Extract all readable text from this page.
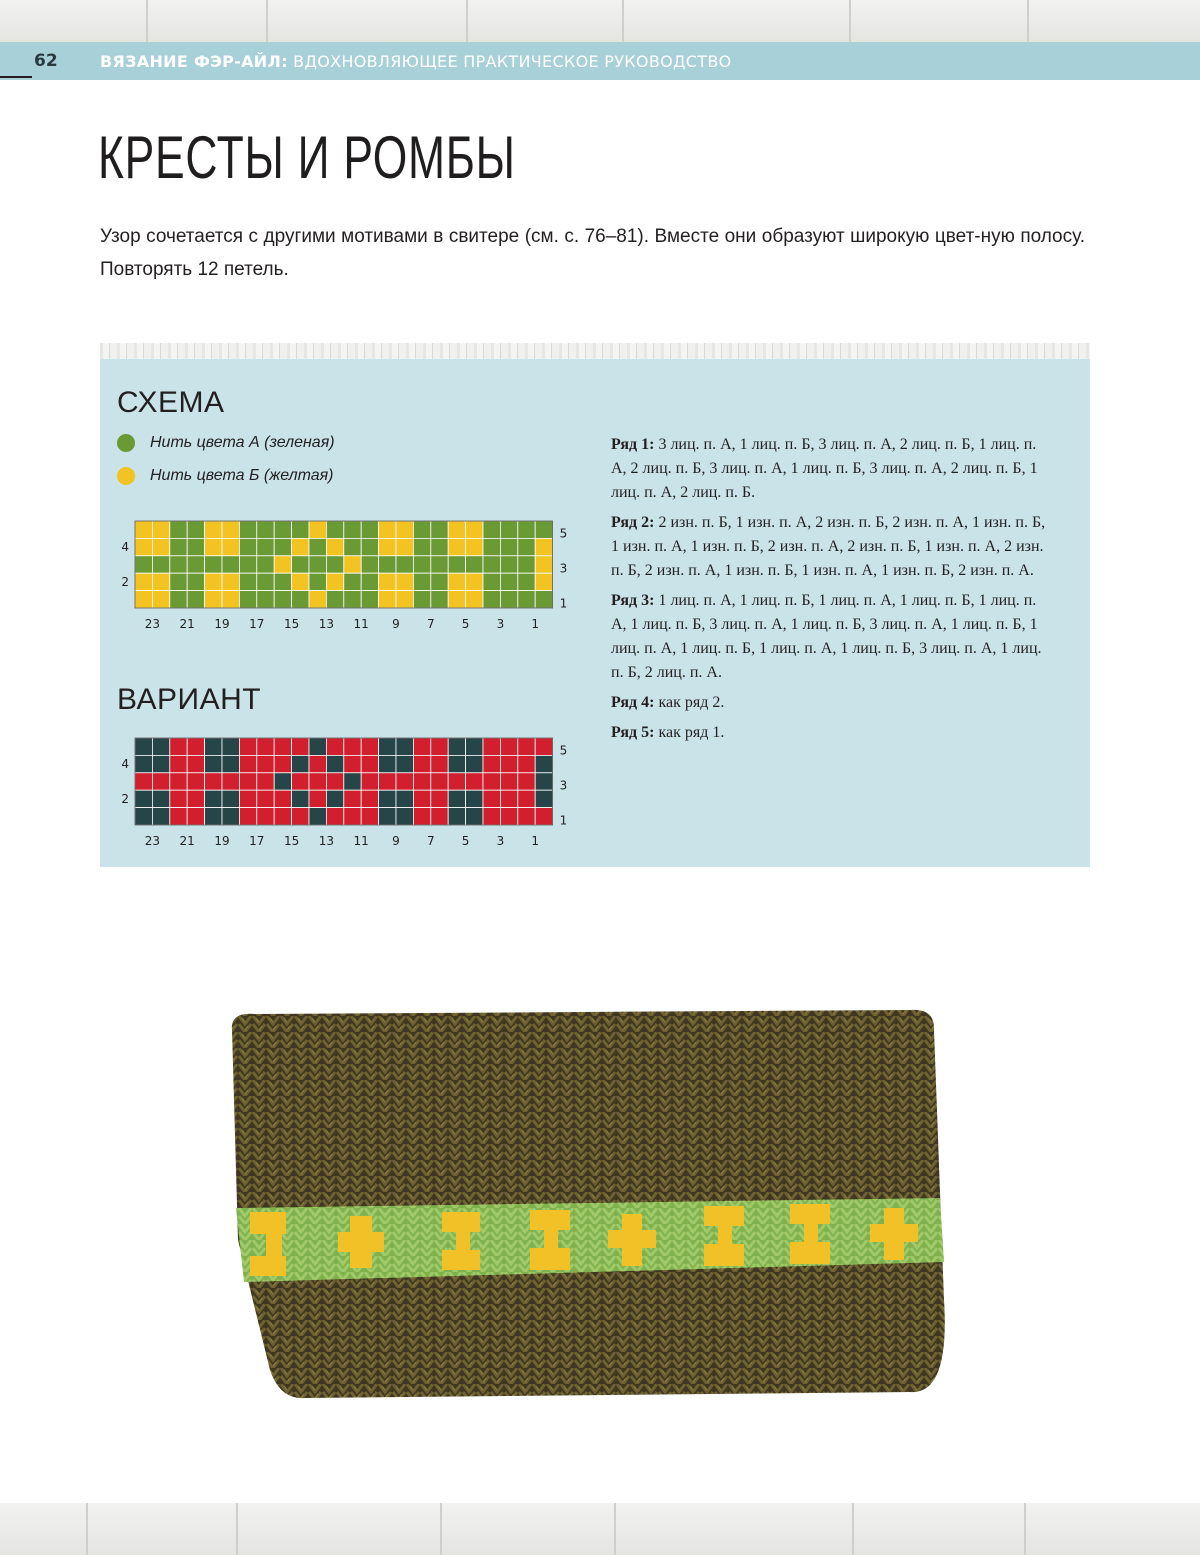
62	ВЯЗАНИЕ ФЭР-АЙЛ: ВДОХНОВЛЯЮЩЕЕ ПРАКТИЧЕСКОЕ РУКОВОДСТВО
КРЕСТЫ И РОМБЫ
Узор сочетается с другими мотивами в свитере (см. с. 76–81). Вместе они образуют широкую цвет-ную полосу. Повторять 12 петель.
СХЕМА
Нить цвета А (зеленая)
Нить цвета Б (желтая)
5
3
1
4
2
23 21 19 17 15 13 11 9 7 5 3 1
ВАРИАНТ
5
3
1
4
2
23 21 19 17 15 13 11 9 7 5 3 1

Ряд 1: 3 лиц. п. А, 1 лиц. п. Б, 3 лиц. п. А, 2 лиц. п. Б, 1 лиц. п. А, 2 лиц. п. Б, 3 лиц. п. А, 1 лиц. п. Б, 3 лиц. п. А, 2 лиц. п. Б, 1 лиц. п. А, 2 лиц. п. Б.

Ряд 2: 2 изн. п. Б, 1 изн. п. А, 2 изн. п. Б, 2 изн. п. А, 1 изн. п. Б, 1 изн. п. А, 1 изн. п. Б, 2 изн. п. А, 2 изн. п. Б, 1 изн. п. А, 2 изн. п. Б, 2 изн. п. А, 1 изн. п. Б, 1 изн. п. А, 1 изн. п. Б, 2 изн. п. А.

Ряд 3: 1 лиц. п. А, 1 лиц. п. Б, 1 лиц. п. А, 1 лиц. п. Б, 1 лиц. п. А, 1 лиц. п. Б, 3 лиц. п. А, 1 лиц. п. Б, 3 лиц. п. А, 1 лиц. п. Б, 1 лиц. п. А, 1 лиц. п. Б, 1 лиц. п. А, 1 лиц. п. Б, 3 лиц. п. А, 1 лиц. п. Б, 2 лиц. п. А.

Ряд 4: как ряд 2.

Ряд 5: как ряд 1.
